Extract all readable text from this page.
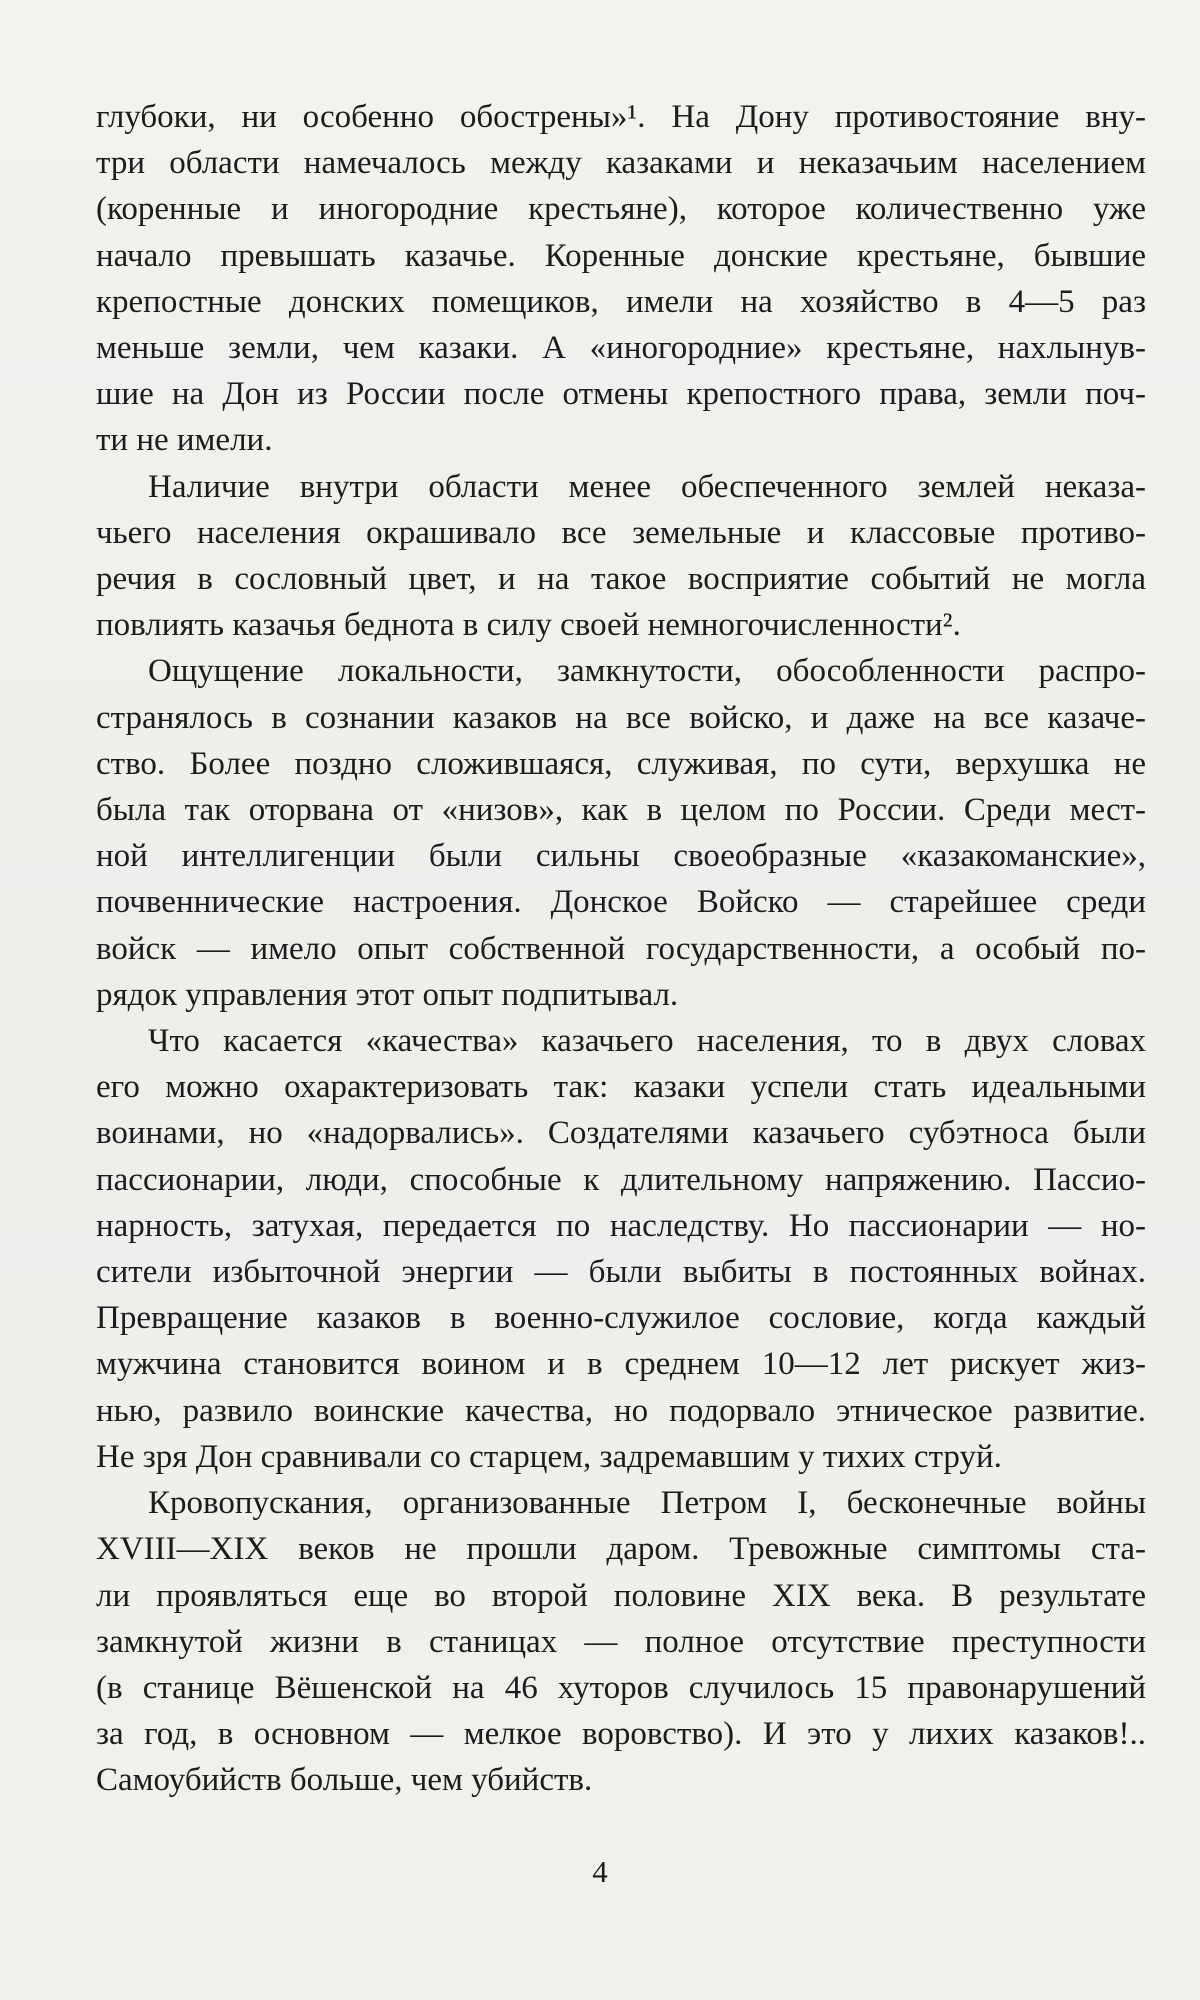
глубоки, ни особенно обострены»¹. На Дону противостояние вну-
три области намечалось между казаками и неказачьим населением
(коренные и иногородние крестьяне), которое количественно уже
начало превышать казачье. Коренные донские крестьяне, бывшие
крепостные донских помещиков, имели на хозяйство в 4—5 раз
меньше земли, чем казаки. А «иногородние» крестьяне, нахлынув-
шие на Дон из России после отмены крепостного права, земли поч-
ти не имели.

Наличие внутри области менее обеспеченного землей неказа-
чьего населения окрашивало все земельные и классовые противо-
речия в сословный цвет, и на такое восприятие событий не могла
повлиять казачья беднота в силу своей немногочисленности².

Ощущение локальности, замкнутости, обособленности распро-
странялось в сознании казаков на все войско, и даже на все казаче-
ство. Более поздно сложившаяся, служивая, по сути, верхушка не
была так оторвана от «низов», как в целом по России. Среди мест-
ной интеллигенции были сильны своеобразные «казакоманские»,
почвеннические настроения. Донское Войско — старейшее среди
войск — имело опыт собственной государственности, а особый по-
рядок управления этот опыт подпитывал.

Что касается «качества» казачьего населения, то в двух словах
его можно охарактеризовать так: казаки успели стать идеальными
воинами, но «надорвались». Создателями казачьего субэтноса были
пассионарии, люди, способные к длительному напряжению. Пассио-
нарность, затухая, передается по наследству. Но пассионарии — но-
сители избыточной энергии — были выбиты в постоянных войнах.
Превращение казаков в военно-служилое сословие, когда каждый
мужчина становится воином и в среднем 10—12 лет рискует жиз-
нью, развило воинские качества, но подорвало этническое развитие.
Не зря Дон сравнивали со старцем, задремавшим у тихих струй.

Кровопускания, организованные Петром I, бесконечные войны
XVIII—XIX веков не прошли даром. Тревожные симптомы ста-
ли проявляться еще во второй половине XIX века. В результате
замкнутой жизни в станицах — полное отсутствие преступности
(в станице Вёшенской на 46 хуторов случилось 15 правонарушений
за год, в основном — мелкое воровство). И это у лихих казаков!..
Самоубийств больше, чем убийств.

4
